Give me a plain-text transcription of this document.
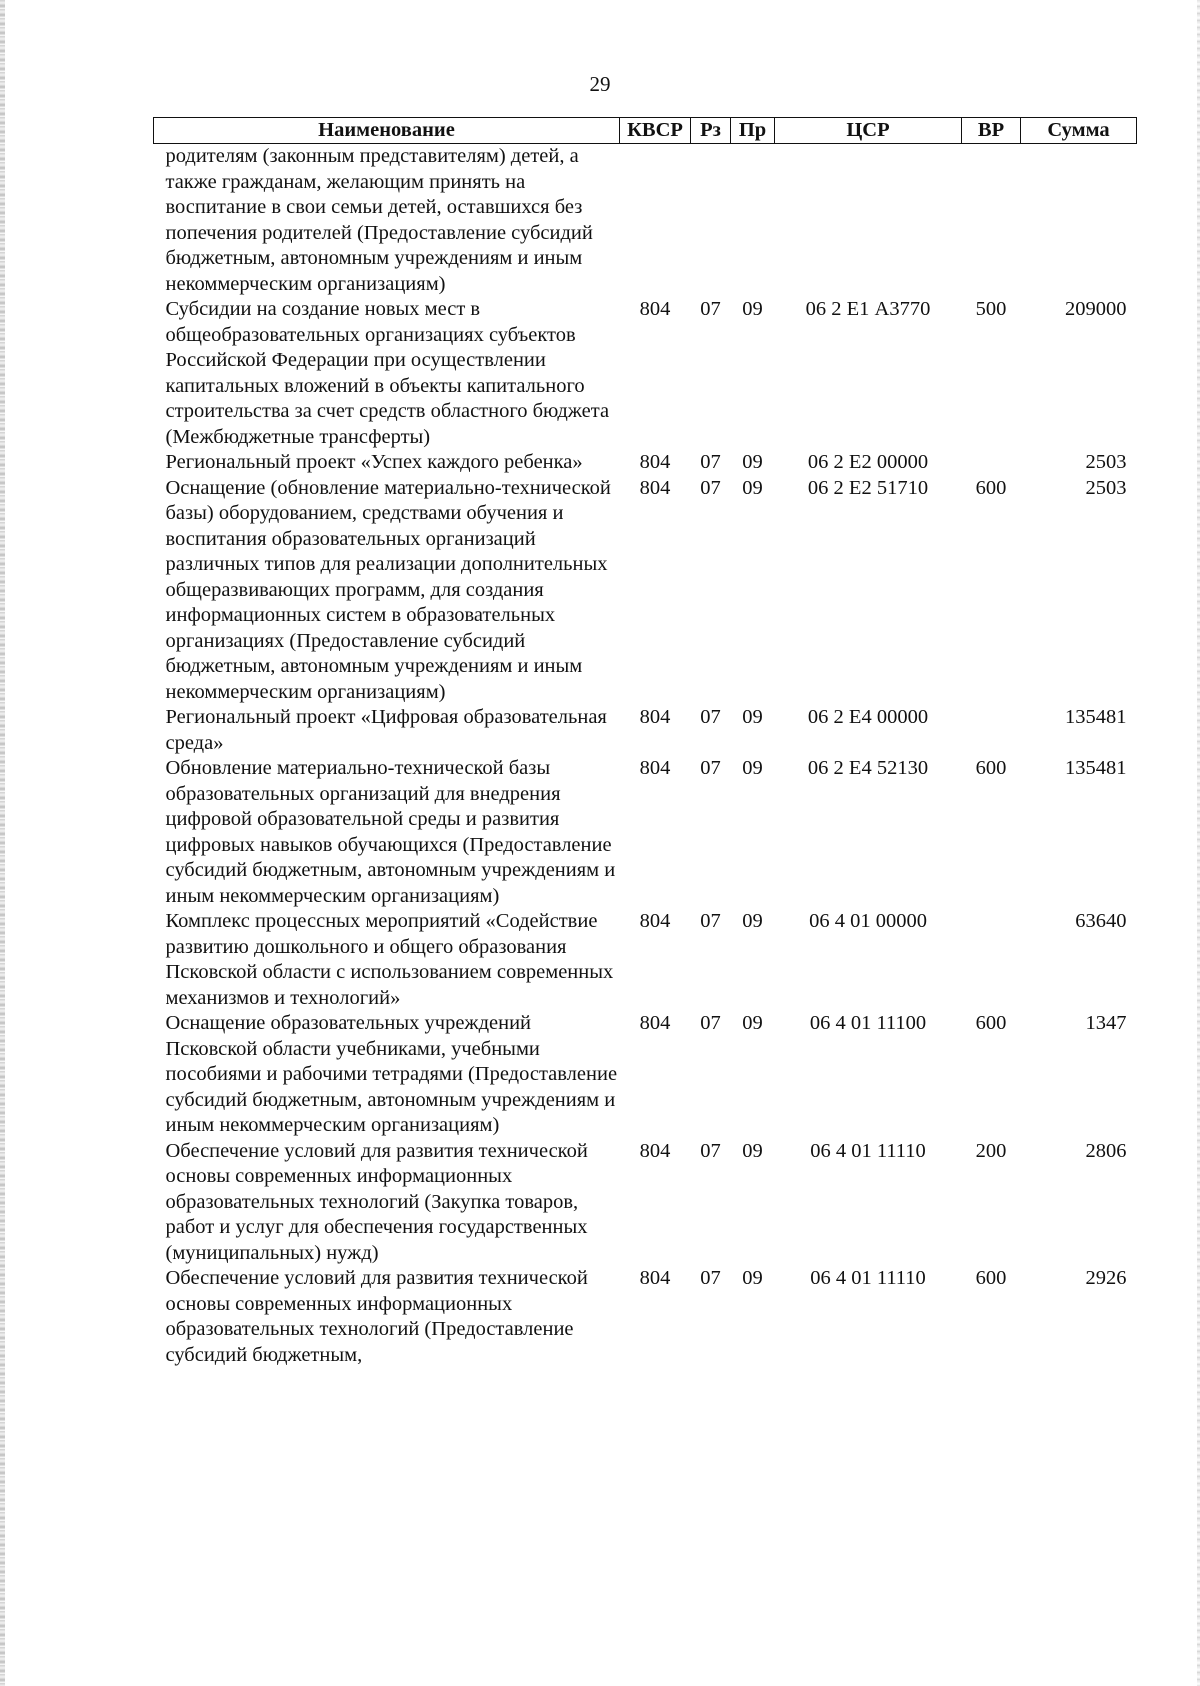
29
Наименование	КВСР	Рз	Пр	ЦСР	ВР	Сумма
родителям (законным представителям) детей, а также гражданам, желающим принять на воспитание в свои семьи детей, оставшихся без попечения родителей (Предоставление субсидий бюджетным, автономным учреждениям и иным некоммерческим организациям)						
Субсидии на создание новых мест в общеобразовательных организациях субъектов Российской Федерации при осуществлении капитальных вложений в объекты капитального строительства за счет средств областного бюджета (Межбюджетные трансферты)	804	07	09	06 2 E1 А3770	500	209000
Региональный проект «Успех каждого ребенка»	804	07	09	06 2 E2 00000		2503
Оснащение (обновление материально-технической базы) оборудованием, средствами обучения и воспитания образовательных организаций различных типов для реализации дополнительных общеразвивающих программ, для создания информационных систем в образовательных организациях (Предоставление субсидий бюджетным, автономным учреждениям и иным некоммерческим организациям)	804	07	09	06 2 E2 51710	600	2503
Региональный проект «Цифровая образовательная среда»	804	07	09	06 2 E4 00000		135481
Обновление материально-технической базы образовательных организаций для внедрения цифровой образовательной среды и развития цифровых навыков обучающихся (Предоставление субсидий бюджетным, автономным учреждениям и иным некоммерческим организациям)	804	07	09	06 2 E4 52130	600	135481
Комплекс процессных мероприятий «Содействие развитию дошкольного и общего образования Псковской области с использованием современных механизмов и технологий»	804	07	09	06 4 01 00000		63640
Оснащение образовательных учреждений Псковской области учебниками, учебными пособиями и рабочими тетрадями (Предоставление субсидий бюджетным, автономным учреждениям и иным некоммерческим организациям)	804	07	09	06 4 01 11100	600	1347
Обеспечение условий для развития технической основы современных информационных образовательных технологий (Закупка товаров, работ и услуг для обеспечения государственных (муниципальных) нужд)	804	07	09	06 4 01 11110	200	2806
Обеспечение условий для развития технической основы современных информационных образовательных технологий (Предоставление субсидий бюджетным,	804	07	09	06 4 01 11110	600	2926
